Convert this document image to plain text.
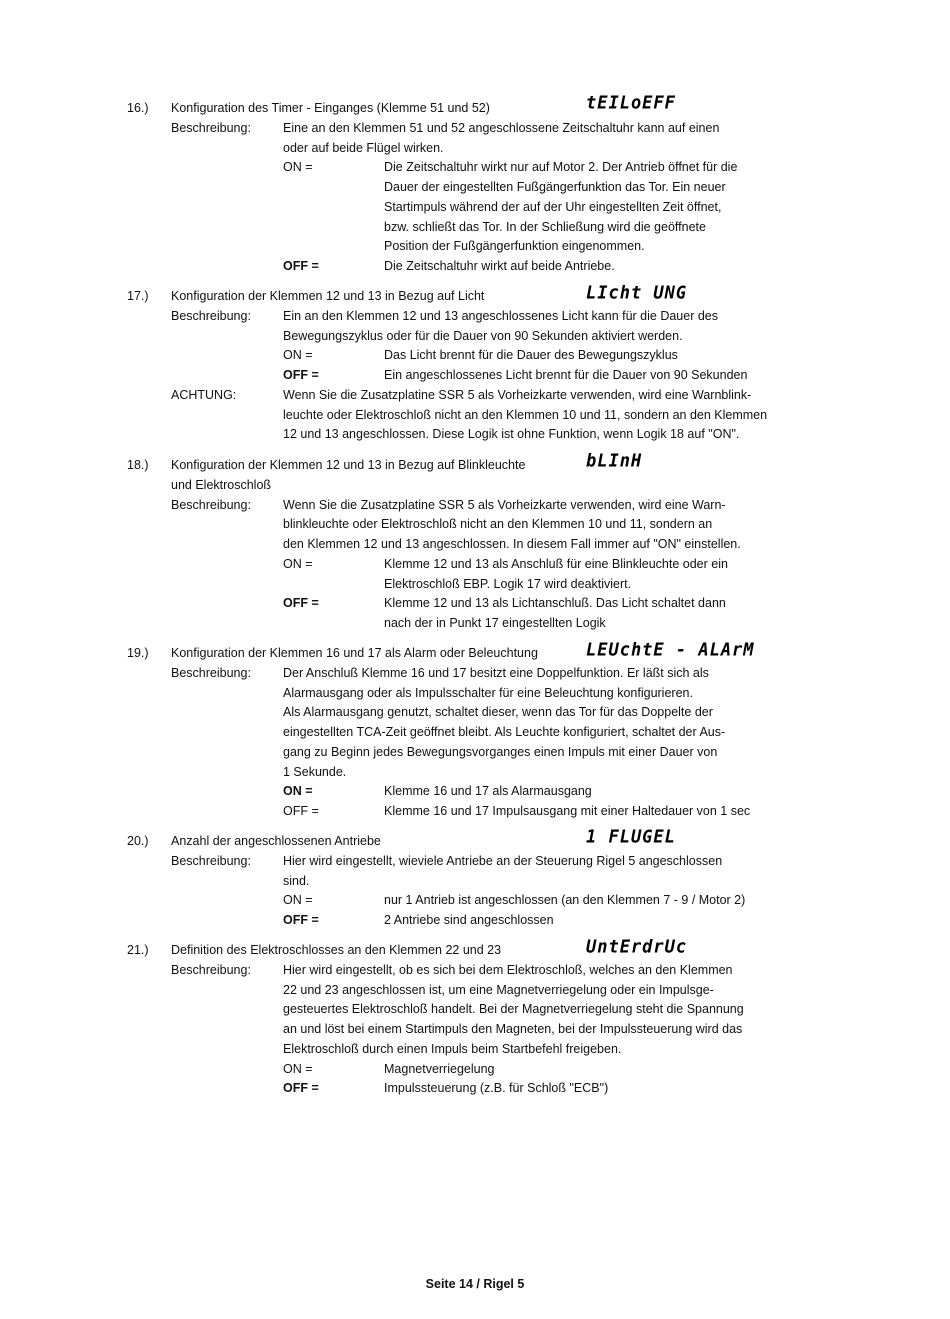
16.) Konfiguration des Timer - Einganges (Klemme 51 und 52)	tEILoEFF
Beschreibung:	Eine an den Klemmen 51 und 52 angeschlossene Zeitschaltuhr kann auf einen
oder auf beide Flügel wirken.
ON =	Die Zeitschaltuhr wirkt nur auf Motor 2. Der Antrieb öffnet für die
Dauer der eingestellten Fußgängerfunktion das Tor. Ein neuer
Startimpuls während der auf der Uhr eingestellten Zeit öffnet,
bzw. schließt das Tor. In der Schließung wird die geöffnete
Position der Fußgängerfunktion eingenommen.
OFF =	Die Zeitschaltuhr wirkt auf beide Antriebe.
17.) Konfiguration der Klemmen 12 und 13 in Bezug auf Licht	LIcht UNG
Beschreibung:	Ein an den Klemmen 12 und 13 angeschlossenes Licht kann für die Dauer des
Bewegungszyklus oder für die Dauer von 90 Sekunden aktiviert werden.
ON =	Das Licht brennt für die Dauer des Bewegungszyklus
OFF =	Ein angeschlossenes Licht brennt für die Dauer von 90 Sekunden
ACHTUNG:	Wenn Sie die Zusatzplatine SSR 5 als Vorheizkarte verwenden, wird eine Warnblink-
leuchte oder Elektroschloß nicht an den Klemmen 10 und 11, sondern an den Klemmen
12 und 13 angeschlossen. Diese Logik ist ohne Funktion, wenn Logik 18 auf "ON".
18.) Konfiguration der Klemmen 12 und 13 in Bezug auf Blinkleuchte	bLInH
und Elektroschloß
Beschreibung:	Wenn Sie die Zusatzplatine SSR 5 als Vorheizkarte verwenden, wird eine Warn-
blinkleuchte oder Elektroschloß nicht an den Klemmen 10 und 11, sondern an
den Klemmen 12 und 13 angeschlossen. In diesem Fall immer auf "ON" einstellen.
ON =	Klemme 12 und 13 als Anschluß für eine Blinkleuchte oder ein
Elektroschloß EBP. Logik 17 wird deaktiviert.
OFF =	Klemme 12 und 13 als Lichtanschluß. Das Licht schaltet dann
nach der in Punkt 17 eingestellten Logik
19.) Konfiguration der Klemmen 16 und 17 als Alarm oder Beleuchtung	LEUchtE - ALArM
Beschreibung:	Der Anschluß Klemme 16 und 17 besitzt eine Doppelfunktion. Er läßt sich als
Alarmausgang oder als Impulsschalter für eine Beleuchtung konfigurieren.
Als Alarmausgang genutzt, schaltet dieser, wenn das Tor für das Doppelte der
eingestellten TCA-Zeit geöffnet bleibt. Als Leuchte konfiguriert, schaltet der Aus-
gang zu Beginn jedes Bewegungsvorganges einen Impuls mit einer Dauer von
1 Sekunde.
ON =	Klemme 16 und 17 als Alarmausgang
OFF =	Klemme 16 und 17 Impulsausgang mit einer Haltedauer von 1 sec
20.) Anzahl der angeschlossenen Antriebe	1 FLUGEL
Beschreibung:	Hier wird eingestellt, wieviele Antriebe an der Steuerung Rigel 5 angeschlossen
sind.
ON =	nur 1 Antrieb ist angeschlossen (an den Klemmen 7 - 9 / Motor 2)
OFF =	2 Antriebe sind angeschlossen
21.) Definition des Elektroschlosses an den Klemmen 22 und 23	UntErdrUc
Beschreibung:	Hier wird eingestellt, ob es sich bei dem Elektroschloß, welches an den Klemmen
22 und 23 angeschlossen ist, um eine Magnetverriegelung oder ein Impulsge-
gesteuertes Elektroschloß handelt. Bei der Magnetverriegelung steht die Spannung
an und löst bei einem Startimpuls den Magneten, bei der Impulssteuerung wird das
Elektroschloß durch einen Impuls beim Startbefehl freigeben.
ON =	Magnetverriegelung
OFF =	Impulssteuerung (z.B. für Schloß "ECB")
Seite 14 / Rigel 5
